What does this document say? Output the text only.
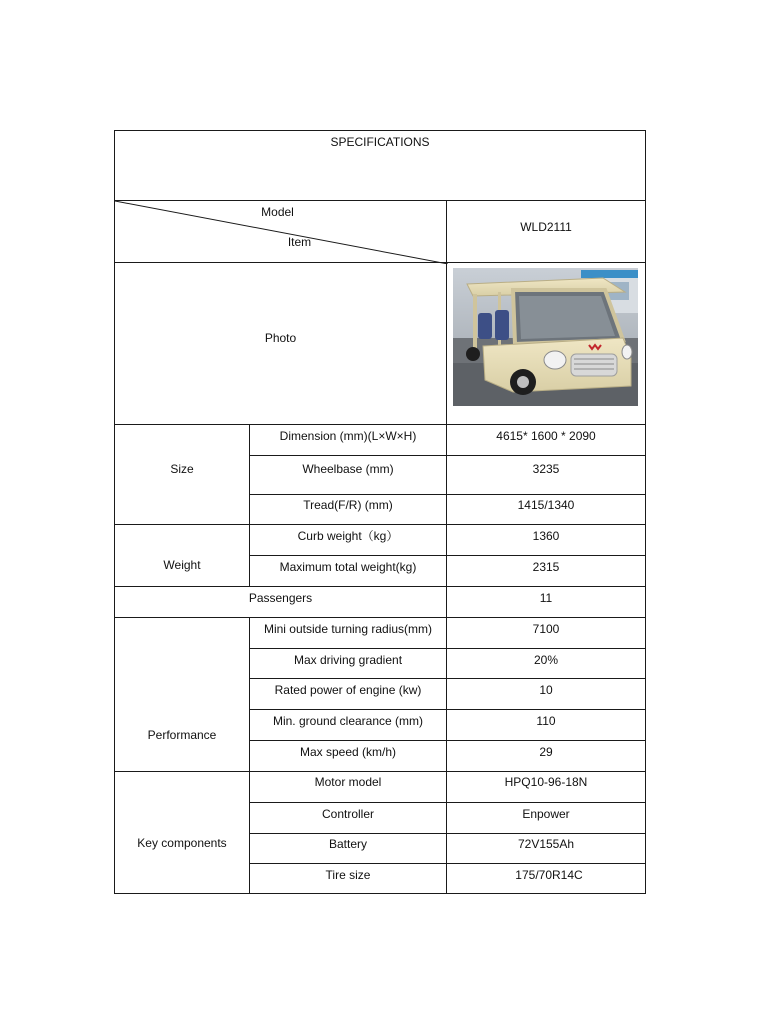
SPECIFICATIONS
Model
Item
WLD2111
Photo
Size
Dimension (mm)(L×W×H)	4615* 1600 * 2090
Wheelbase (mm)	3235
Tread(F/R) (mm)	1415/1340
Weight
Curb weight（kg）	1360
Maximum total weight(kg)	2315
Passengers	11
Performance
Mini outside turning radius(mm)	7100
Max driving gradient	20%
Rated power of engine (kw)	10
Min. ground clearance (mm)	110
Max speed (km/h)	29
Key components
Motor model	HPQ10-96-18N
Controller	Enpower
Battery	72V155Ah
Tire size	175/70R14C
